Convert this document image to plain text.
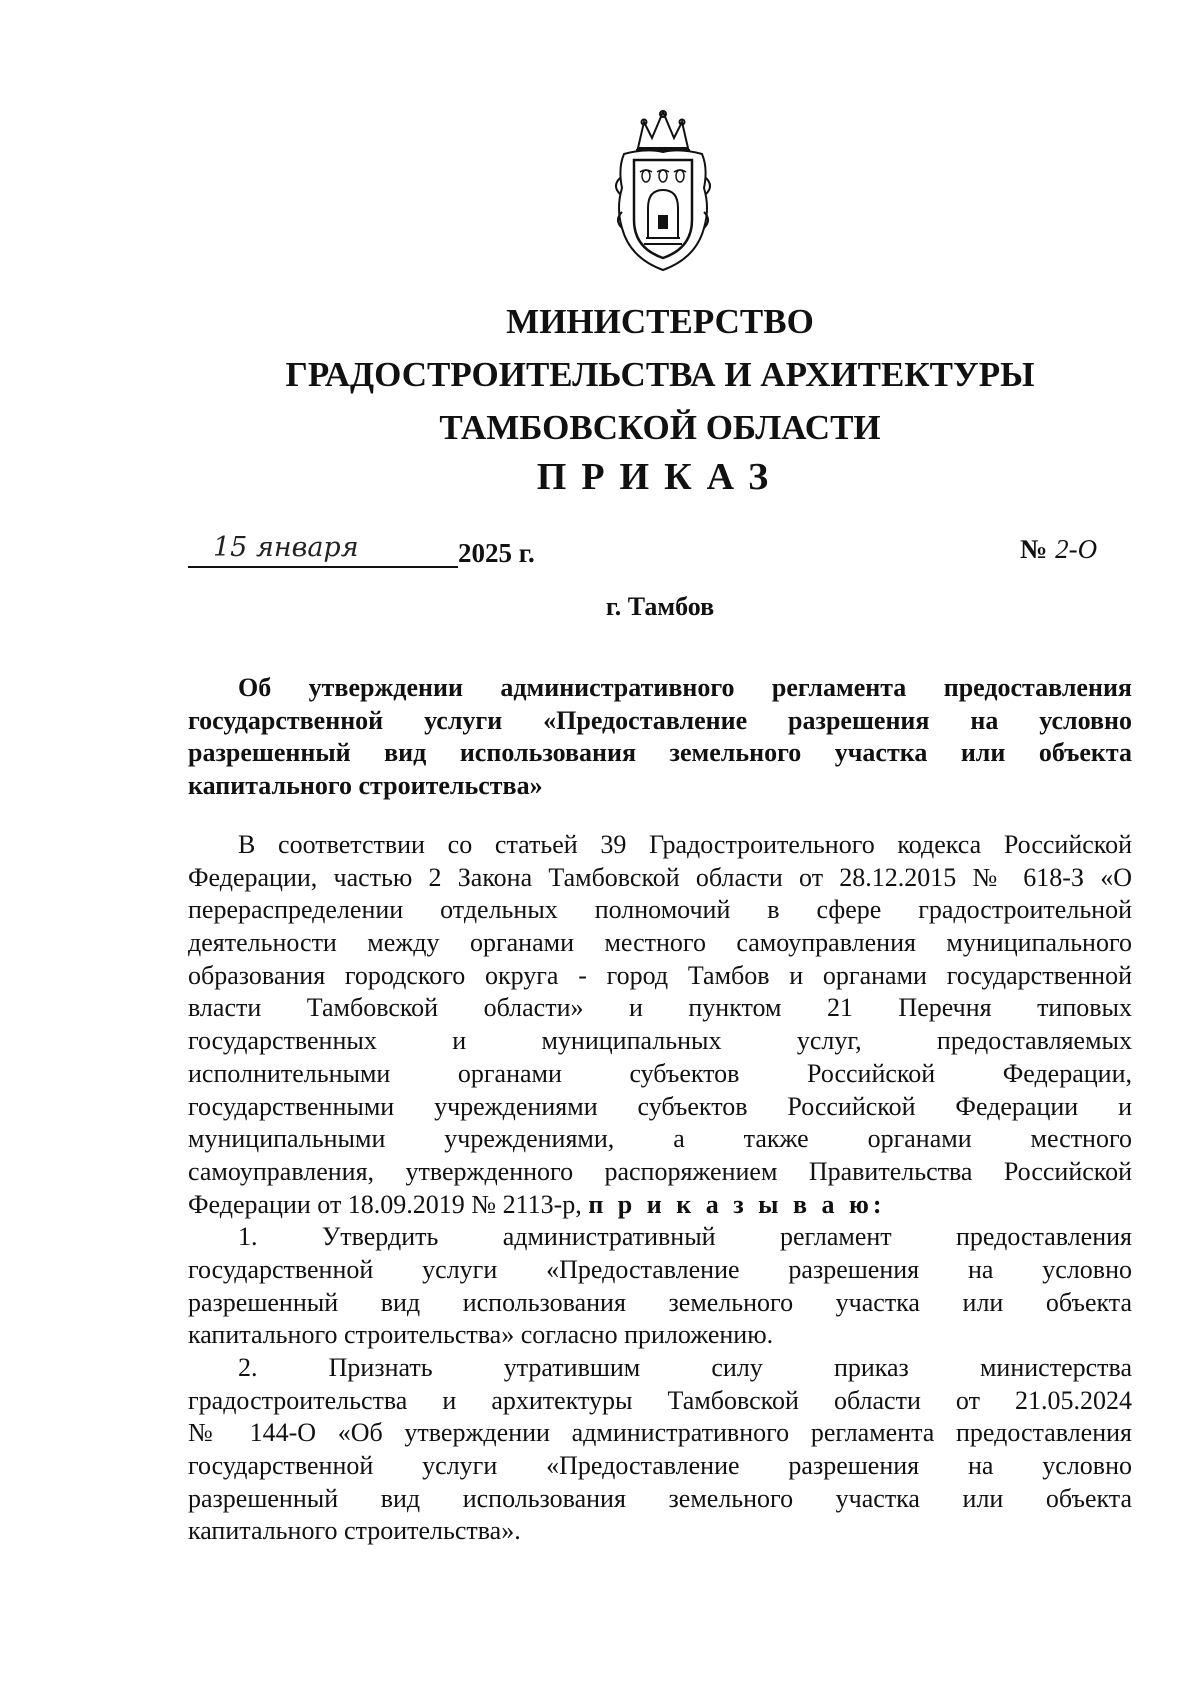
МИНИСТЕРСТВО
ГРАДОСТРОИТЕЛЬСТВА И АРХИТЕКТУРЫ
ТАМБОВСКОЙ ОБЛАСТИ
ПРИКАЗ
15 января	2025 г.	№ 2-О
г. Тамбов
Об утверждении административного регламента предоставления
государственной услуги «Предоставление разрешения на условно
разрешенный вид использования земельного участка или объекта
капитального строительства»
В соответствии со статьей 39 Градостроительного кодекса Российской
Федерации, частью 2 Закона Тамбовской области от 28.12.2015 № 618-З «О
перераспределении отдельных полномочий в сфере градостроительной
деятельности между органами местного самоуправления муниципального
образования городского округа - город Тамбов и органами государственной
власти Тамбовской области» и пунктом 21 Перечня типовых
государственных и муниципальных услуг, предоставляемых
исполнительными органами субъектов Российской Федерации,
государственными учреждениями субъектов Российской Федерации и
муниципальными учреждениями, а также органами местного
самоуправления, утвержденного распоряжением Правительства Российской
Федерации от 18.09.2019 № 2113-р, п р и к а з ы в а ю:
1. Утвердить административный регламент предоставления
государственной услуги «Предоставление разрешения на условно
разрешенный вид использования земельного участка или объекта
капитального строительства» согласно приложению.
2. Признать утратившим силу приказ министерства
градостроительства и архитектуры Тамбовской области от 21.05.2024
№ 144-О «Об утверждении административного регламента предоставления
государственной услуги «Предоставление разрешения на условно
разрешенный вид использования земельного участка или объекта
капитального строительства».
